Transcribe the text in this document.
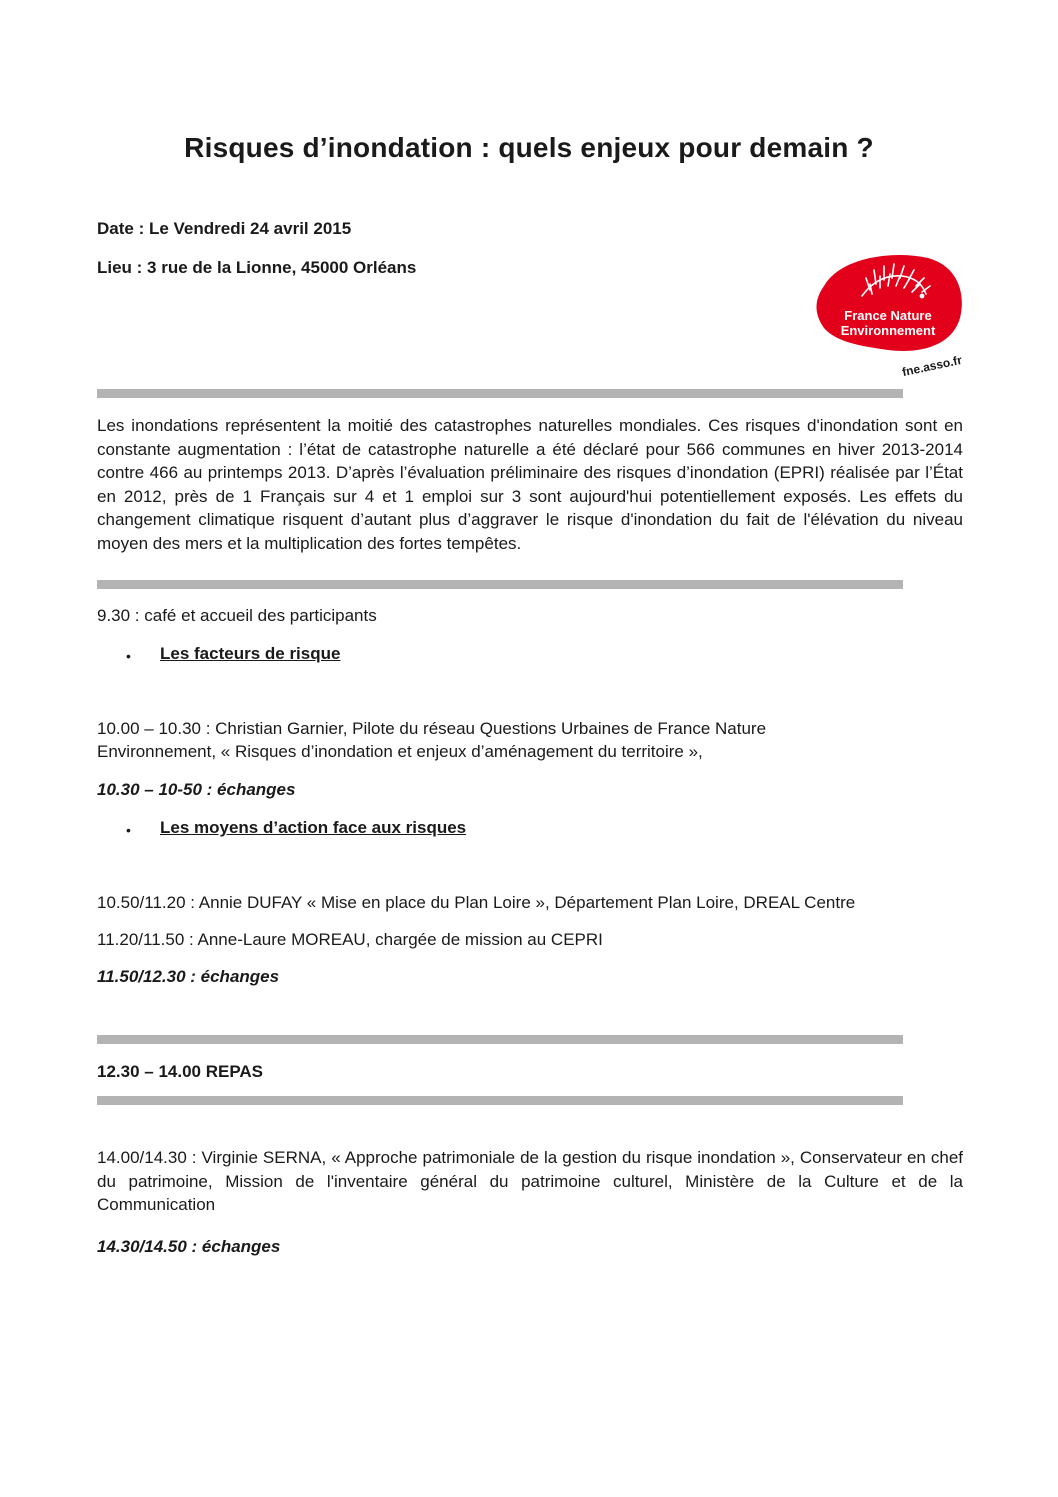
Risques d’inondation : quels enjeux pour demain ?
Date : Le Vendredi 24 avril 2015
Lieu : 3 rue de la Lionne, 45000 Orléans
France Nature
Environnement
fne.asso.fr
Les inondations représentent la moitié des catastrophes naturelles mondiales. Ces risques d'inondation sont en constante augmentation : l’état de catastrophe naturelle a été déclaré pour 566 communes en hiver 2013-2014 contre 466 au printemps 2013. D’après l’évaluation préliminaire des risques d’inondation (EPRI) réalisée par l’État en 2012, près de 1 Français sur 4 et 1 emploi sur 3 sont aujourd'hui potentiellement exposés. Les effets du changement climatique risquent d’autant plus d’aggraver le risque d'inondation du fait de l'élévation du niveau moyen des mers et la multiplication des fortes tempêtes.
9.30 : café et accueil des participants
• Les facteurs de risque
10.00 – 10.30 : Christian Garnier, Pilote du réseau Questions Urbaines de France Nature
Environnement, « Risques d’inondation et enjeux d’aménagement du territoire »,
10.30 – 10-50 : échanges
• Les moyens d’action face aux risques
10.50/11.20 : Annie DUFAY « Mise en place du Plan Loire », Département Plan Loire, DREAL Centre
11.20/11.50 : Anne-Laure MOREAU, chargée de mission au CEPRI
11.50/12.30 : échanges
12.30 – 14.00 REPAS
14.00/14.30 : Virginie SERNA, « Approche patrimoniale de la gestion du risque inondation », Conservateur en chef du patrimoine, Mission de l'inventaire général du patrimoine culturel, Ministère de la Culture et de la Communication
14.30/14.50 : échanges
